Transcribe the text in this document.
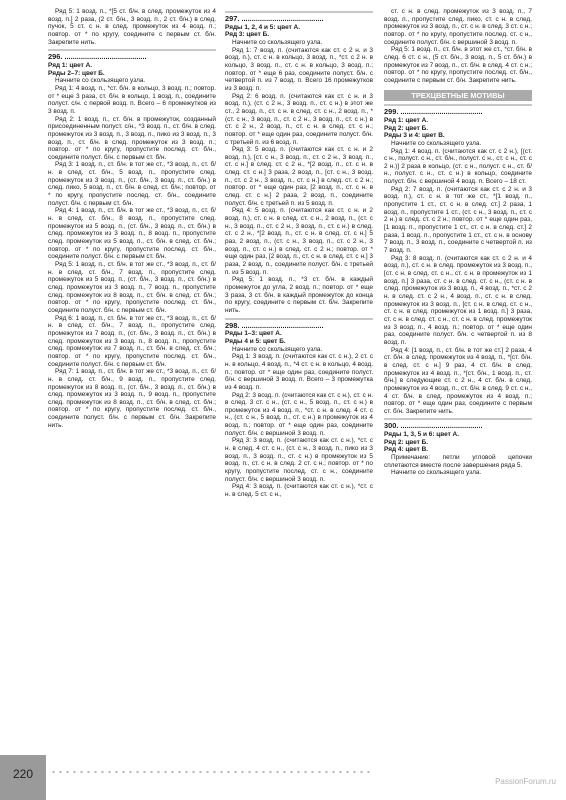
Ряд 5: 1 возд. п., *[5 ст. б/н. в след. промежуток из 4 возд. п.] 2 раза, (2 ст. б/н., 3 возд. п., 2 ст. б/н.) в след. пучок, 5 ст. с н. в след. промежуток из 4 возд. п.; повтор. от * по кругу, соедините с первым ст. б/н. Закрепите нить.
296. ........................................
Ряд 1: цвет А.
Ряды 2–7: цвет Б.
Начните со скользящего узла.
Ряд 1: 4 возд. п., *ст. б/н. в кольцо, 3 возд. п.; повтор. от * еще 3 раза, ст. б/н. в кольцо, 1 возд. п., соедините полуст. с/н. с первой возд. п. Всего – 6 промежутков из 3 возд. п.
Ряд 2: 1 возд. п., ст. б/н. в промежуток, созданный присоединенным полуст. с/н., *3 возд. п., ст. б/н. в след. промежуток из 3 возд. п., 3 возд. п., пико из 3 возд. п., 3 возд. п., ст. б/н. в след. промежуток из 3 возд. п.; повтор. от * по кругу, пропустите послед. ст. б/н., соедините полуст. б/н. с первым ст. б/н.
Ряд 3: 1 возд. п., ст. б/н. в тот же ст., *3 возд. п., ст. б/н. в след. ст. б/н., 5 возд. п., пропустите след. промежуток из 3 возд. п., (ст. б/н., 3 возд. п., ст. б/н.) в след. пико, 5 возд. п., ст. б/н. в след. ст. б/н.; повтор. от * по кругу, пропустите послед. ст. б/н., соедините полуст. б/н. с первым ст. б/н.
Ряд 4: 1 возд. п., ст. б/н. в тот же ст., *3 возд. п., ст. б/н. в след. ст. б/н., 8 возд. п., пропустите след. промежуток из 5 возд. п., (ст. б/н., 3 возд. п., ст. б/н.) в след. промежуток из 3 возд. п., 8 возд. п., пропустите след. промежуток из 5 возд. п., ст. б/н. в след. ст. б/н.; повтор. от * по кругу, пропустите послед. ст. б/н., соедините полуст. б/н. с первым ст. б/н.
Ряд 5: 1 возд. п., ст. б/н. в тот же ст., *3 возд. п., ст. б/н. в след. ст. б/н., 7 возд. п., пропустите след. промежуток из 5 возд. п., (ст. б/н., 3 возд. п., ст. б/н.) в след. промежуток из 3 возд. п., 7 возд. п., пропустите след. промежуток из 8 возд. п., ст. б/н. в след. ст. б/н.; повтор. от * по кругу, пропустите послед. ст. б/н., соедините полуст. б/н. с первым ст. б/н.
Ряд 6: 1 возд. п., ст. б/н. в тот же ст., *3 возд. п., ст. б/н. в след. ст. б/н., 7 возд. п., пропустите след. промежуток из 7 возд. п., (ст. б/н., 3 возд. п., ст. б/н.) в след. промежуток из 3 возд. п., 8 возд. п., пропустите след. промежуток из 7 возд. п., ст. б/н. в след. ст. б/н.; повтор. от * по кругу, пропустите послед. ст. б/н., соедините полуст. б/н. с первым ст. б/н.
Ряд 7: 1 возд. п., ст. б/н. в тот же ст., *3 возд. п., ст. б/н. в след. ст. б/н., 9 возд. п., пропустите след. промежуток из 8 возд. п., (ст. б/н., 3 возд. п., ст. б/н.) в след. промежуток из 3 возд. п., 9 возд. п., пропустите след. промежуток из 8 возд. п., ст. б/н. в след. ст. б/н.; повтор. от * по кругу, пропустите послед. ст. б/н., соедините полуст. б/н. с первым ст. б/н. Закрепите нить.
297. ........................................
Ряды 1, 2, 4 и 5: цвет А.
Ряд 3: цвет Б.
Начните со скользящего узла.
Ряд 1: 7 возд. п. (считаются как ст. с 2 н. и 3 возд. п.), ст. с н. в кольцо, 3 возд. п., *ст. с 2 н. в кольцо, 3 возд. п., ст. с н. в кольцо, 3 возд. п.; повтор. от * еще 6 раз, соедините полуст. б/н. с четвертой п. из 7 возд. п. Всего 16 промежутков из 3 возд. п.
Ряд 2: 6 возд. п. (считаются как ст. с н. и 3 возд. п.), (ст. с 2 н., 3 возд. п., ст. с н.) в этот же ст., 2 возд. п., ст. с н. в след. ст. с н., 2 возд. п., *(ст. с н., 3 возд. п., ст. с 2 н., 3 возд. п., ст. с н.) в ст. с 2 н., 2 возд. п., ст. с н. в след. ст. с н.; повтор. от * еще один раз, соедините полуст. б/н. с третьей п. из 6 возд. п.
Ряд 3: 5 возд. п. (считаются как ст. с н. и 2 возд. п.), [ст. с н., 3 возд. п., ст. с 2 н., 3 возд. п., ст. с н.] в след. ст. с 2 н., *[2 возд. п., ст. с н. в след. ст. с н.] 3 раза, 2 возд. п., [ст. с н., 3 возд. п., ст. с 2 н., 3 возд. п., ст. с н.] в след. ст. с 2 н.; повтор. от * еще один раз, [2 возд. п., ст. с н. в след. ст. с н.] 2 раза, 2 возд. п., соедините полуст. б/н. с третьей п. из 5 возд. п.
Ряд 4: 5 возд. п. (считаются как ст. с н. и 2 возд. п.), ст. с н. в след. ст. с н., 2 возд. п., (ст. с н., 3 возд. п., ст. с 2 н., 3 возд. п., ст. с н.) в след. ст. с 2 н., *[2 возд. п., ст. с н. в след. ст. с н.] 5 раз, 2 возд. п., (ст. с н., 3 возд. п., ст. с 2 н., 3 возд. п., ст. с н.) в след. ст. с 2 н.; повтор. от * еще один раз, [2 возд. п., ст. с н. в след. ст. с н.] 3 раза, 2 возд. п., соедините полуст. б/н. с третьей п. из 5 возд. п.
Ряд 5: 1 возд. п., *3 ст. б/н. в каждый промежуток до угла, 2 возд. п.; повтор. от * еще 3 раза, 3 ст. б/н. в каждый промежуток до конца по кругу, соедините с первым ст. б/н. Закрепите нить.
298. ........................................
Ряды 1–3: цвет А.
Ряды 4 и 5: цвет Б.
Начните со скользящего узла.
Ряд 1: 3 возд. п. (считаются как ст. с н.), 2 ст. с н. в кольцо, 4 возд. п., *4 ст. с н. в кольцо, 4 возд. п.; повтор. от * еще один раз, соедините полуст. б/н. с вершиной 3 возд. п. Всего – 3 промежутка из 4 возд. п.
Ряд 2: 3 возд. п. (считаются как ст. с н.), ст. с н. в след. 3 ст. с н., (ст. с н., 5 возд. п., ст. с н.) в промежуток из 4 возд. п., *ст. с н. в след. 4 ст. с н., (ст. с н., 5 возд. п., ст. с н.) в промежуток из 4 возд. п.; повтор. от * еще один раз, соедините полуст. б/н. с вершиной 3 возд. п.
Ряд 3: 3 возд. п. (считаются как ст. с н.), *ст. с н. в след. 4 ст. с н., (ст. с н., 3 возд. п., пико из 3 возд. п., 3 возд. п., ст. с н.) в промежуток из 5 возд. п., ст. с н. в след. 2 ст. с н.; повтор. от * по кругу, пропустите послед. ст. с н., соедините полуст. б/н. с вершиной 3 возд. п.
Ряд 4: 3 возд. п. (считаются как ст. с н.), *ст. с н. в след. 5 ст. с н.,
ст. с н. в след. промежуток из 3 возд. п., 7 возд. п., пропустите след. пико, ст. с н. в след. промежуток из 3 возд. п., ст. с н. в след. 3 ст. с н.; повтор. от * по кругу, пропустите послед. ст. с н., соедините полуст. б/н. с вершиной 3 возд. п.
Ряд 5: 1 возд. п., ст. б/н. в этот же ст., *ст. б/н. в след. 6 ст. с н., (5 ст. б/н., 3 возд. п., 5 ст. б/н.) в промежуток из 7 возд. п., ст. б/н. в след. 4 ст. с н.; повтор. от * по кругу, пропустите послед. ст. б/н., соедините с первым ст. б/н. Закрепите нить.
ТРЕХЦВЕТНЫЕ МОТИВЫ
299. ........................................
Ряд 1: цвет А.
Ряд 2: цвет Б.
Ряды 3 и 4: цвет В.
Начните со скользящего узла.
Ряд 1: 4 возд. п. (считаются как ст. с 2 н.), [(ст. с н., полуст. с н., ст. б/н., полуст. с н., ст. с н., ст. с 2 н.)] 2 раза в кольцо, (ст. с н., полуст. с н., ст. б/н., полуст. с н., ст. с н.) в кольцо, соедините полуст. б/н. с вершиной 4 возд. п. Всего – 18 ст.
Ряд 2: 7 возд. п. (считаются как ст. с 2 н. и 3 возд. п.), ст. с н. в тот же ст., *[1 возд. п., пропустите 1 ст., ст. с н. в след. ст.] 2 раза, 1 возд. п., пропустите 1 ст., (ст. с н., 3 возд. п., ст. с 2 н.) в след. ст. с 2 н.; повтор. от * еще один раз, [1 возд. п., пропустите 1 ст., ст. с н. в след. ст.] 2 раза, 1 возд. п., пропустите 1 ст., ст. с н. в основу 7 возд. п., 3 возд. п., соедините с четвертой п. из 7 возд. п.
Ряд 3: 8 возд. п. (считаются как ст. с 2 н. и 4 возд. п.), ст. с н. в след. промежуток из 3 возд. п., [ст. с н. в след. ст. с н., ст. с н. в промежуток из 1 возд. п.] 3 раза, ст. с н. в след. ст. с н., (ст. с н. в след. промежуток из 3 возд. п., 4 возд. п., *ст. с 2 н. в след. ст. с 2 н., 4 возд. п., ст. с н. в след. промежуток из 3 возд. п., [ст. с н. в след. ст. с н., ст. с н. в след. промежуток из 1 возд. п.] 3 раза, ст. с н. в след. ст. с н., ст. с н. в след. промежуток из 3 возд. п., 4 возд. п.; повтор. от * еще один раз, соедините полуст. б/н. с четвертой п. из 8 возд. п.
Ряд 4: [1 возд. п., ст. б/н. в тот же ст.] 2 раза, 4 ст. б/н. в след. промежуток из 4 возд. п., *[ст. б/н. в след. ст. с н.] 9 раз, 4 ст. б/н. в след. промежуток из 4 возд. п., *[ст. б/н., 1 возд. п., ст. б/н.] в следующие ст. с 2 н., 4 ст. б/н. в след. промежуток из 4 возд. п., ст. б/н. в след. 9 ст. с н., 4 ст. б/н. в след. промежуток из 4 возд. п.; повтор. от * еще один раз, соедините с первым ст. б/н. Закрепите нить.
300. ........................................
Ряды 1, 3, 5 и 6: цвет А.
Ряд 2: цвет Б.
Ряд 4: цвет В.
Примечание: петли угловой цепочки сплетаются вместе после завершения ряда 5.
Начните со скользящего узла.
220
PassionForum.ru
